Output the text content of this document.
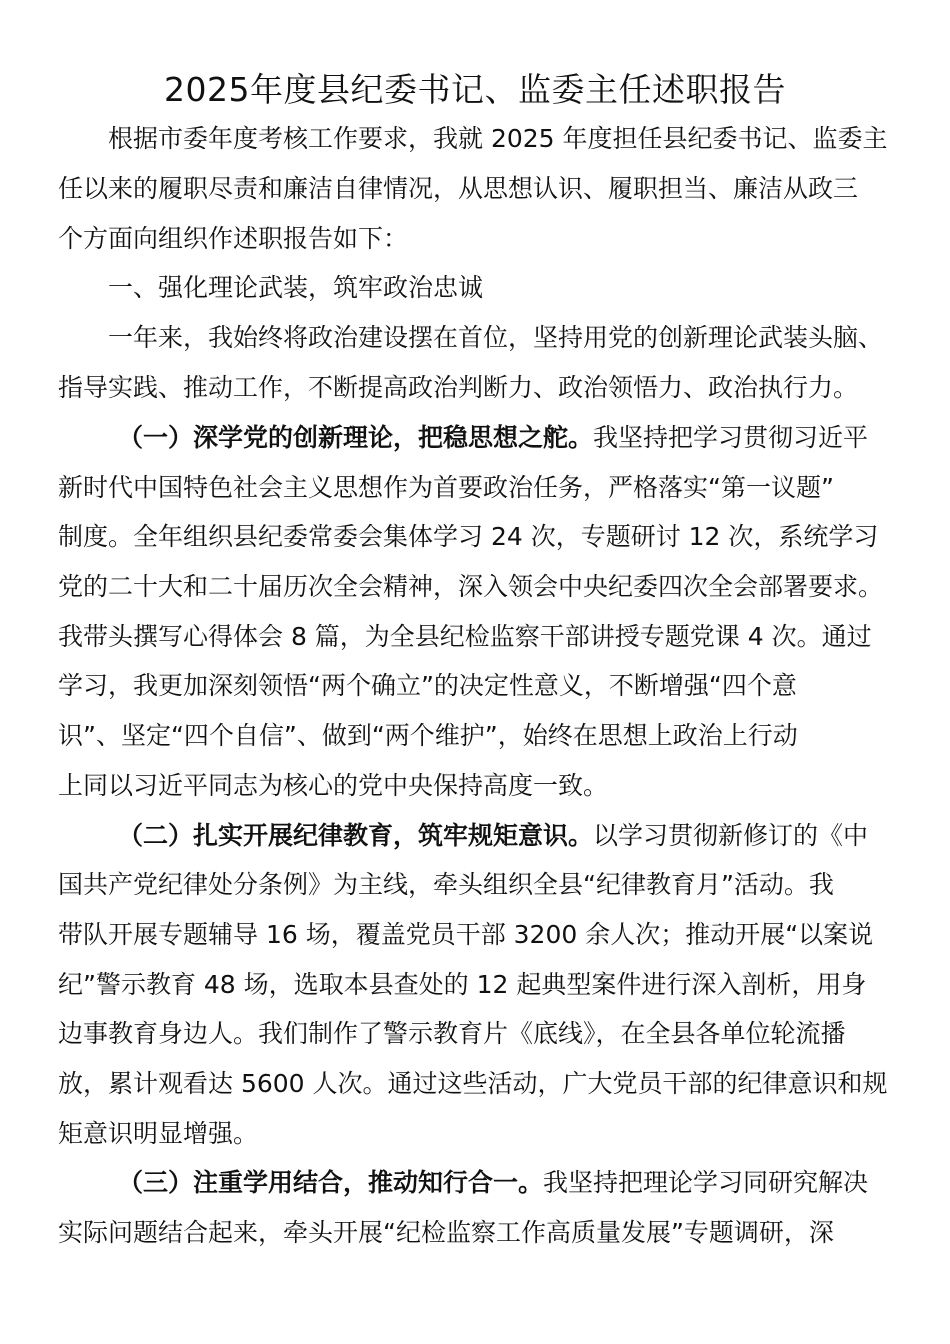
2025年度县纪委书记、监委主任述职报告
根据市委年度考核工作要求，我就 2025 年度担任县纪委书记、监委主
任以来的履职尽责和廉洁自律情况，从思想认识、履职担当、廉洁从政三
个方面向组织作述职报告如下：
一、强化理论武装，筑牢政治忠诚
一年来，我始终将政治建设摆在首位，坚持用党的创新理论武装头脑、
指导实践、推动工作，不断提高政治判断力、政治领悟力、政治执行力。
（一）深学党的创新理论，把稳思想之舵。我坚持把学习贯彻习近平
新时代中国特色社会主义思想作为首要政治任务，严格落实“第一议题”
制度。全年组织县纪委常委会集体学习 24 次，专题研讨 12 次，系统学习
党的二十大和二十届历次全会精神，深入领会中央纪委四次全会部署要求。
我带头撰写心得体会 8 篇，为全县纪检监察干部讲授专题党课 4 次。通过
学习，我更加深刻领悟“两个确立”的决定性意义，不断增强“四个意
识”、坚定“四个自信”、做到“两个维护”，始终在思想上政治上行动
上同以习近平同志为核心的党中央保持高度一致。
（二）扎实开展纪律教育，筑牢规矩意识。以学习贯彻新修订的《中
国共产党纪律处分条例》为主线，牵头组织全县“纪律教育月”活动。我
带队开展专题辅导 16 场，覆盖党员干部 3200 余人次；推动开展“以案说
纪”警示教育 48 场，选取本县查处的 12 起典型案件进行深入剖析，用身
边事教育身边人。我们制作了警示教育片《底线》，在全县各单位轮流播
放，累计观看达 5600 人次。通过这些活动，广大党员干部的纪律意识和规
矩意识明显增强。
（三）注重学用结合，推动知行合一。我坚持把理论学习同研究解决
实际问题结合起来，牵头开展“纪检监察工作高质量发展”专题调研，深
